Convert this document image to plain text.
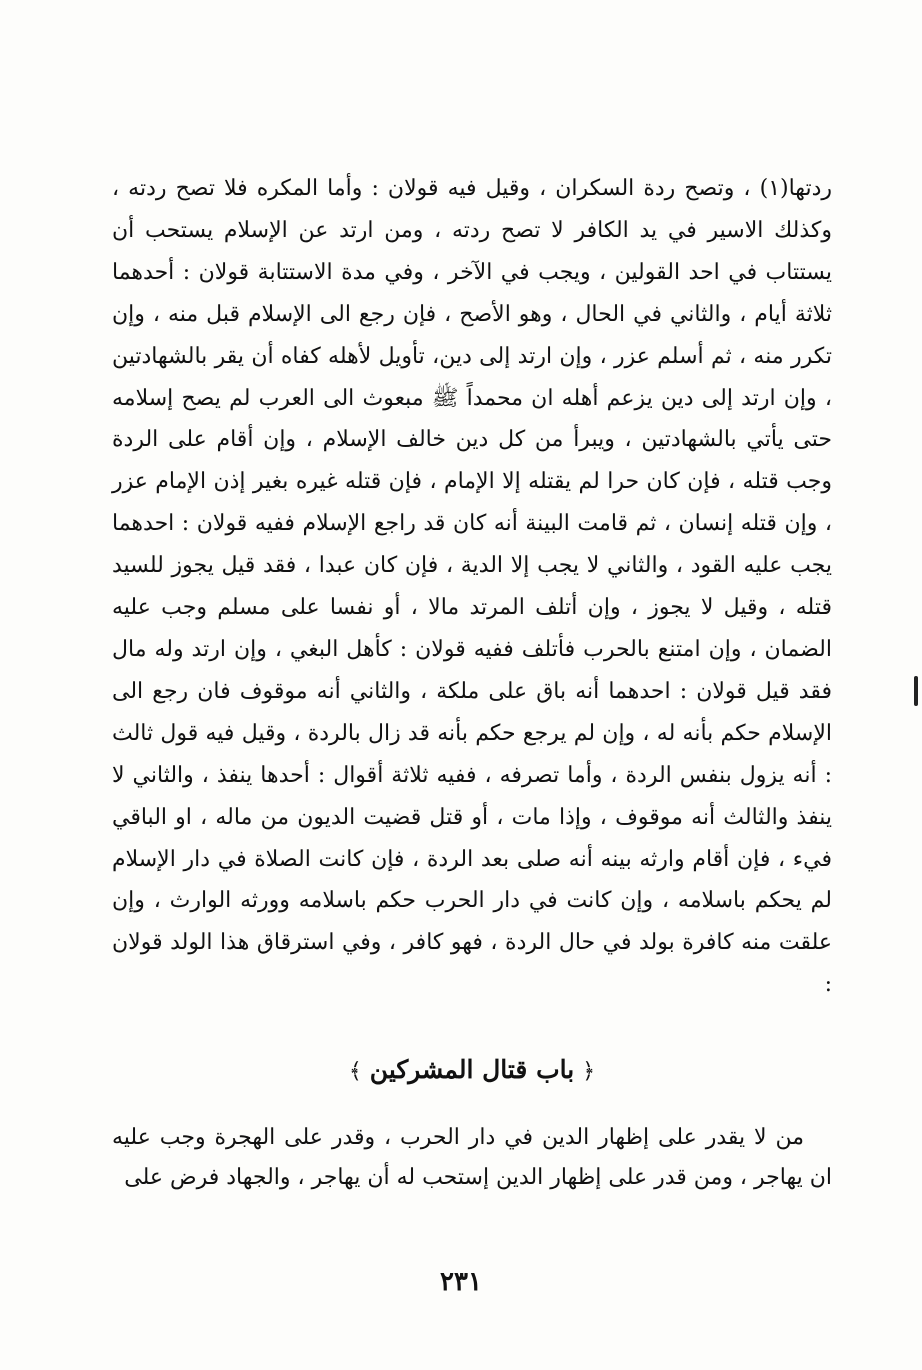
ردتها(١) ، وتصح ردة السكران ، وقيل فيه قولان : وأما المكره فلا تصح ردته ، وكذلك الاسير في يد الكافر لا تصح ردته ، ومن ارتد عن الإسلام يستحب أن يستتاب في احد القولين ، ويجب في الآخر ، وفي مدة الاستتابة قولان : أحدهما ثلاثة أيام ، والثاني في الحال ، وهو الأصح ، فإن رجع الى الإسلام قبل منه ، وإن تكرر منه ، ثم أسلم عزر ، وإن ارتد إلى دين، تأويل لأهله كفاه أن يقر بالشهادتين ، وإن ارتد إلى دين يزعم أهله ان محمداً ﷺ مبعوث الى العرب لم يصح إسلامه حتى يأتي بالشهادتين ، ويبرأ من كل دين خالف الإسلام ، وإن أقام على الردة وجب قتله ، فإن كان حرا لم يقتله إلا الإمام ، فإن قتله غيره بغير إذن الإمام عزر ، وإن قتله إنسان ، ثم قامت البينة أنه كان قد راجع الإسلام ففيه قولان : احدهما يجب عليه القود ، والثاني لا يجب إلا الدية ، فإن كان عبدا ، فقد قيل يجوز للسيد قتله ، وقيل لا يجوز ، وإن أتلف المرتد مالا ، أو نفسا على مسلم وجب عليه الضمان ، وإن امتنع بالحرب فأتلف ففيه قولان : كأهل البغي ، وإن ارتد وله مال فقد قيل قولان : احدهما أنه باق على ملكة ، والثاني أنه موقوف فان رجع الى الإسلام حكم بأنه له ، وإن لم يرجع حكم بأنه قد زال بالردة ، وقيل فيه قول ثالث : أنه يزول بنفس الردة ، وأما تصرفه ، ففيه ثلاثة أقوال : أحدها ينفذ ، والثاني لا ينفذ والثالث أنه موقوف ، وإذا مات ، أو قتل قضيت الديون من ماله ، او الباقي فيء ، فإن أقام وارثه بينه أنه صلى بعد الردة ، فإن كانت الصلاة في دار الإسلام لم يحكم باسلامه ، وإن كانت في دار الحرب حكم باسلامه وورثه الوارث ، وإن علقت منه كافرة بولد في حال الردة ، فهو كافر ، وفي استرقاق هذا الولد قولان :

﴿باب قتال المشركين﴾

من لا يقدر على إظهار الدين في دار الحرب ، وقدر على الهجرة وجب عليه ان يهاجر ، ومن قدر على إظهار الدين إستحب له أن يهاجر ، والجهاد فرض على

٢٣١
